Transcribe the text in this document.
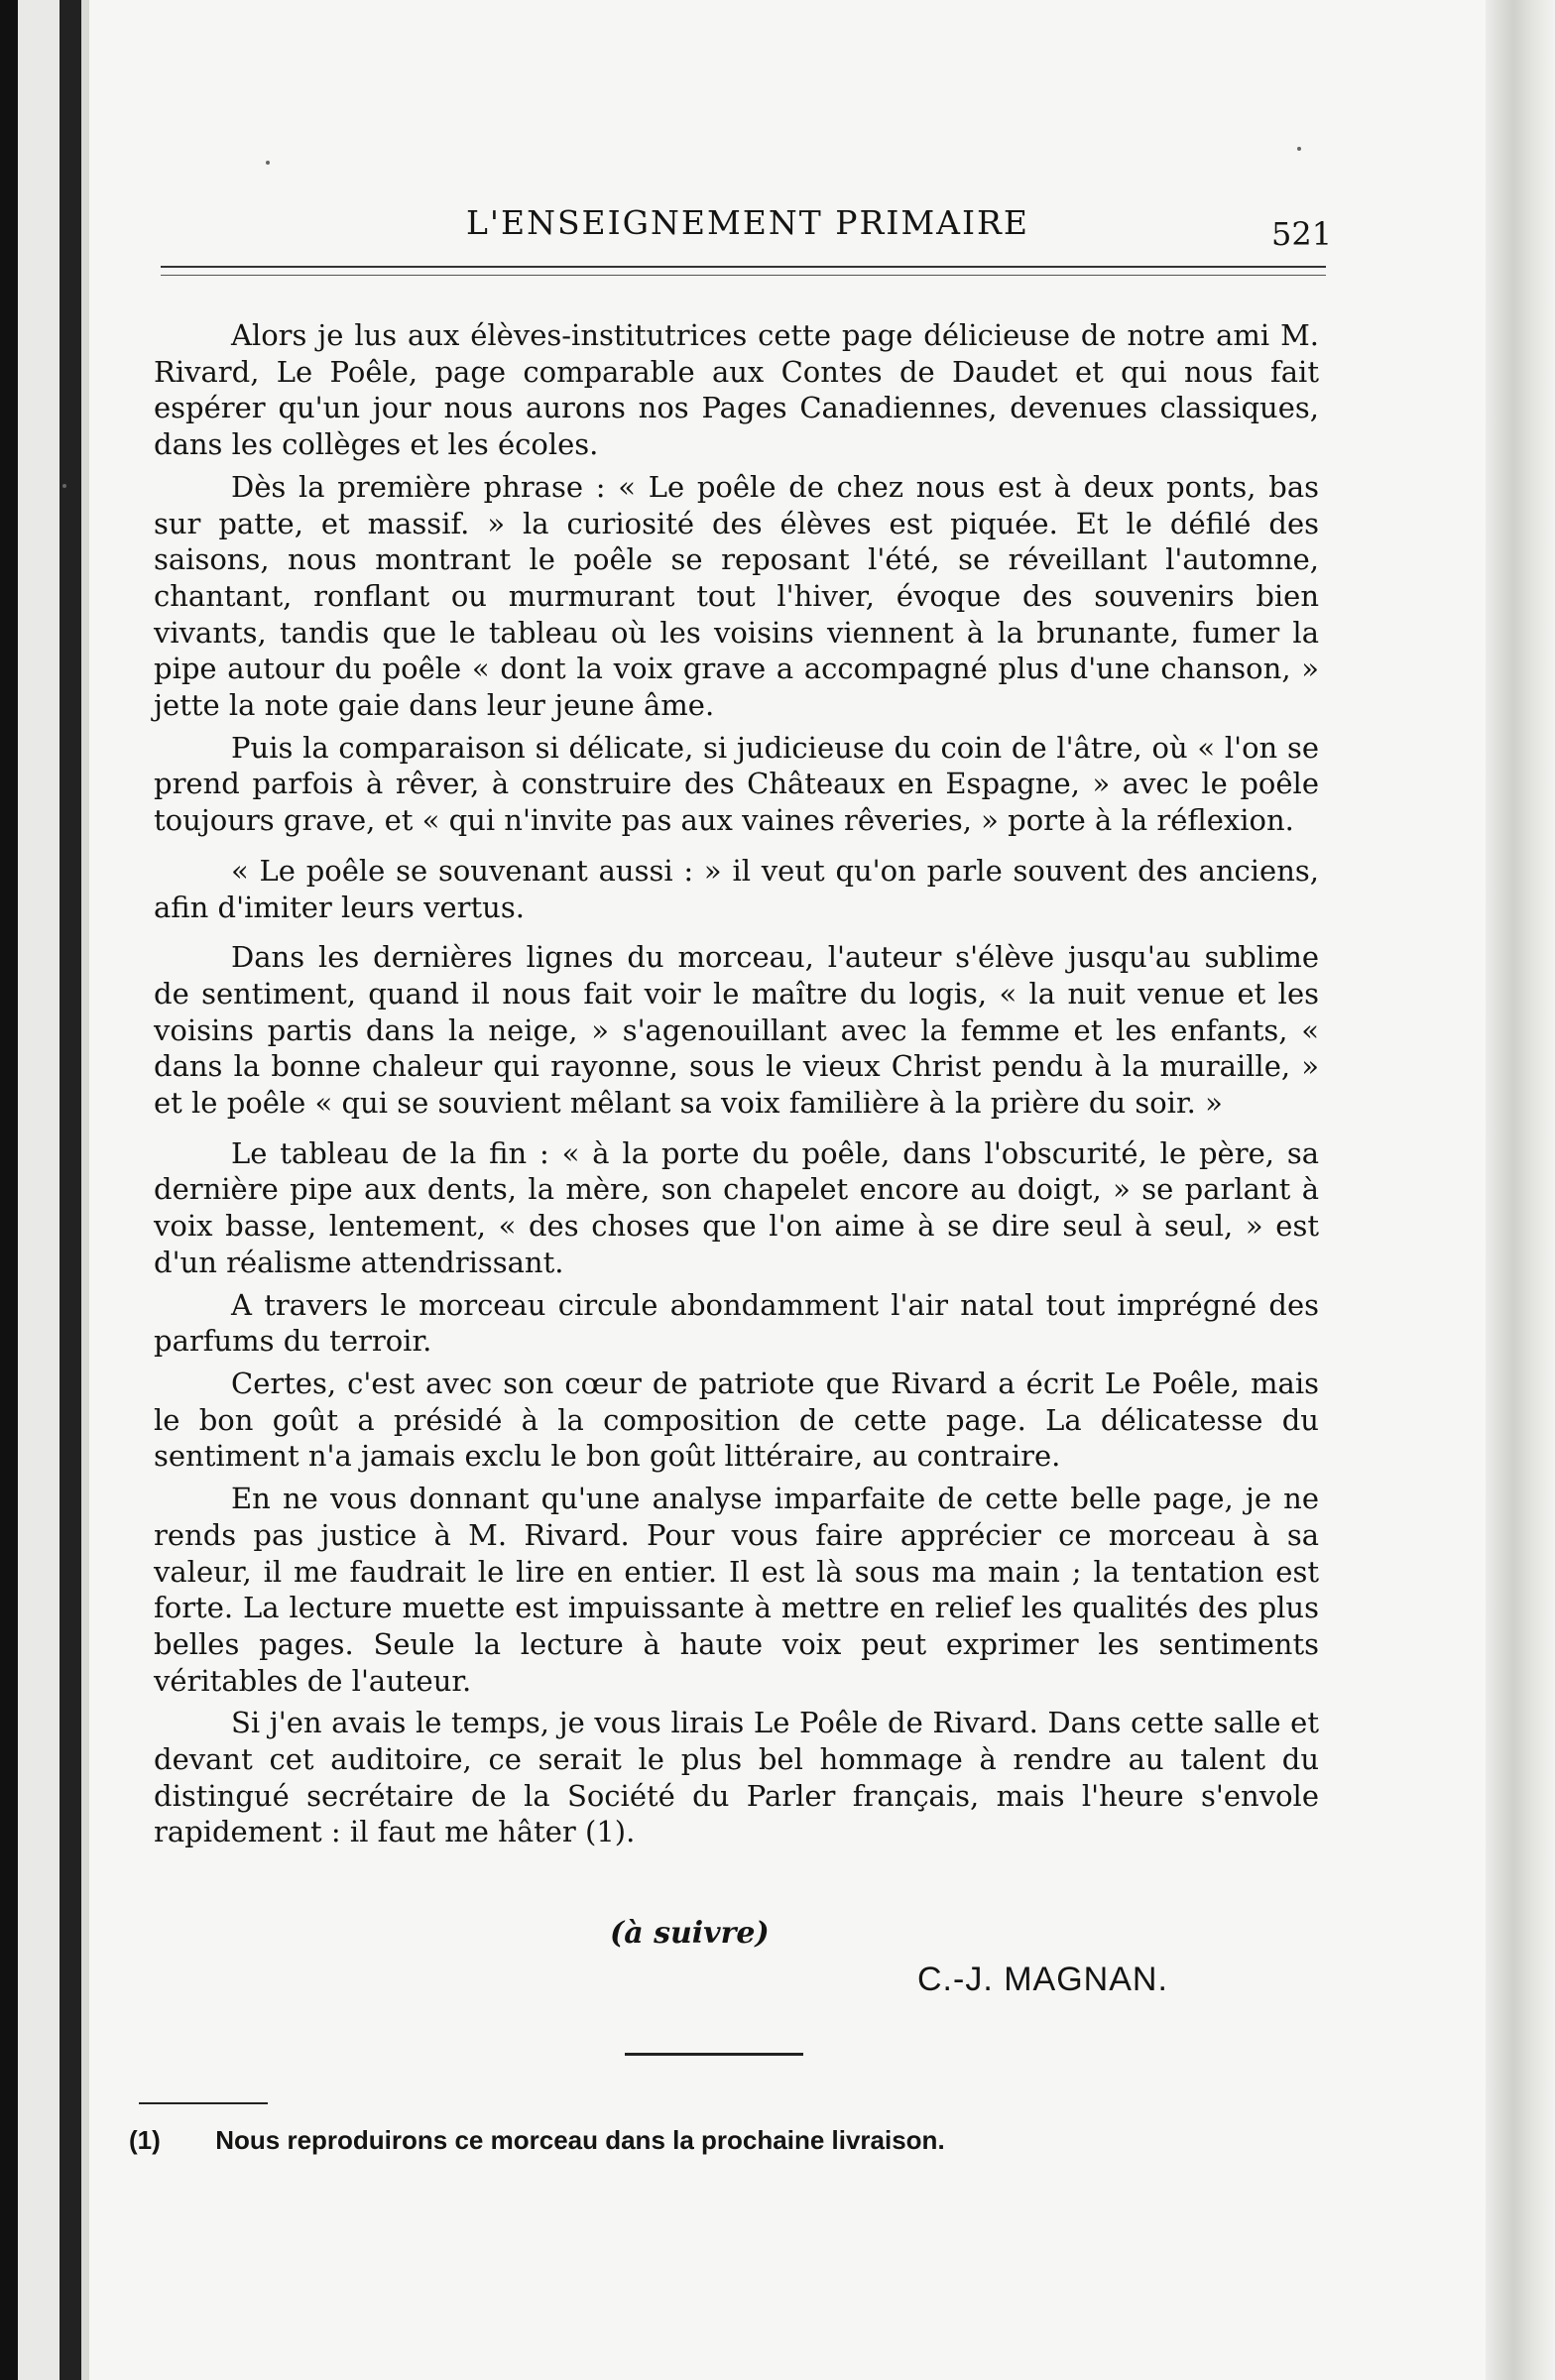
L'ENSEIGNEMENT PRIMAIRE	521

Alors je lus aux élèves-institutrices cette page délicieuse de notre ami M. Rivard, Le Poêle, page comparable aux Contes de Daudet et qui nous fait espérer qu'un jour nous aurons nos Pages Canadiennes, devenues classiques, dans les collèges et les écoles.

Dès la première phrase : « Le poêle de chez nous est à deux ponts, bas sur patte, et massif. » la curiosité des élèves est piquée. Et le défilé des saisons, nous montrant le poêle se reposant l'été, se réveillant l'automne, chantant, ronflant ou murmurant tout l'hiver, évoque des souvenirs bien vivants, tandis que le tableau où les voisins viennent à la brunante, fumer la pipe autour du poêle « dont la voix grave a accompagné plus d'une chanson, » jette la note gaie dans leur jeune âme.

Puis la comparaison si délicate, si judicieuse du coin de l'âtre, où « l'on se prend parfois à rêver, à construire des Châteaux en Espagne, » avec le poêle toujours grave, et « qui n'invite pas aux vaines rêveries, » porte à la réflexion.

« Le poêle se souvenant aussi : » il veut qu'on parle souvent des anciens, afin d'imiter leurs vertus.

Dans les dernières lignes du morceau, l'auteur s'élève jusqu'au sublime de sentiment, quand il nous fait voir le maître du logis, « la nuit venue et les voisins partis dans la neige, » s'agenouillant avec la femme et les enfants, « dans la bonne chaleur qui rayonne, sous le vieux Christ pendu à la muraille, » et le poêle « qui se souvient mêlant sa voix familière à la prière du soir. »

Le tableau de la fin : « à la porte du poêle, dans l'obscurité, le père, sa dernière pipe aux dents, la mère, son chapelet encore au doigt, » se parlant à voix basse, lentement, « des choses que l'on aime à se dire seul à seul, » est d'un réalisme attendrissant.

A travers le morceau circule abondamment l'air natal tout imprégné des parfums du terroir.

Certes, c'est avec son cœur de patriote que Rivard a écrit Le Poêle, mais le bon goût a présidé à la composition de cette page. La délicatesse du sentiment n'a jamais exclu le bon goût littéraire, au contraire.

En ne vous donnant qu'une analyse imparfaite de cette belle page, je ne rends pas justice à M. Rivard. Pour vous faire apprécier ce morceau à sa valeur, il me faudrait le lire en entier. Il est là sous ma main ; la tentation est forte. La lecture muette est impuissante à mettre en relief les qualités des plus belles pages. Seule la lecture à haute voix peut exprimer les sentiments véritables de l'auteur.

Si j'en avais le temps, je vous lirais Le Poêle de Rivard. Dans cette salle et devant cet auditoire, ce serait le plus bel hommage à rendre au talent du distingué secrétaire de la Société du Parler français, mais l'heure s'envole rapidement : il faut me hâter (1).

(à suivre)
C.-J. MAGNAN.
(1) Nous reproduirons ce morceau dans la prochaine livraison.
